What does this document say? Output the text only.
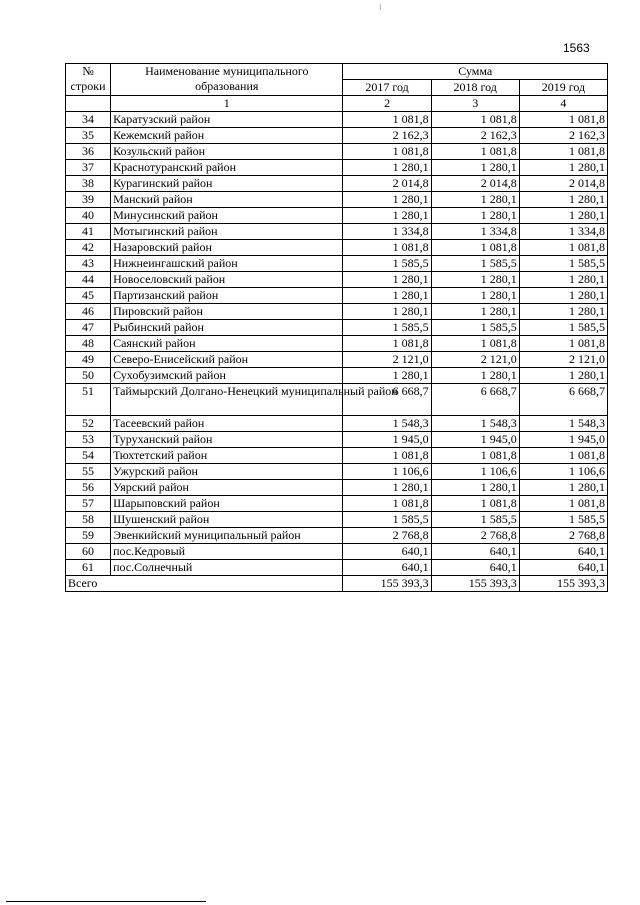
1563
№ строки	Наименование муниципального образования	Сумма		
		2017 год	2018 год	2019 год
	1	2	3	4
34	Каратузский район	1 081,8	1 081,8	1 081,8
35	Кежемский район	2 162,3	2 162,3	2 162,3
36	Козульский район	1 081,8	1 081,8	1 081,8
37	Краснотуранский район	1 280,1	1 280,1	1 280,1
38	Курагинский район	2 014,8	2 014,8	2 014,8
39	Манский район	1 280,1	1 280,1	1 280,1
40	Минусинский район	1 280,1	1 280,1	1 280,1
41	Мотыгинский район	1 334,8	1 334,8	1 334,8
42	Назаровский район	1 081,8	1 081,8	1 081,8
43	Нижнеингашский район	1 585,5	1 585,5	1 585,5
44	Новоселовский район	1 280,1	1 280,1	1 280,1
45	Партизанский район	1 280,1	1 280,1	1 280,1
46	Пировский район	1 280,1	1 280,1	1 280,1
47	Рыбинский район	1 585,5	1 585,5	1 585,5
48	Саянский район	1 081,8	1 081,8	1 081,8
49	Северо-Енисейский район	2 121,0	2 121,0	2 121,0
50	Сухобузимский район	1 280,1	1 280,1	1 280,1
51	Таймырский Долгано-Ненецкий муниципальный район	6 668,7	6 668,7	6 668,7
52	Тасеевский район	1 548,3	1 548,3	1 548,3
53	Туруханский район	1 945,0	1 945,0	1 945,0
54	Тюхтетский район	1 081,8	1 081,8	1 081,8
55	Ужурский район	1 106,6	1 106,6	1 106,6
56	Уярский район	1 280,1	1 280,1	1 280,1
57	Шарыповский район	1 081,8	1 081,8	1 081,8
58	Шушенский район	1 585,5	1 585,5	1 585,5
59	Эвенкийский муниципальный район	2 768,8	2 768,8	2 768,8
60	пос.Кедровый	640,1	640,1	640,1
61	пос.Солнечный	640,1	640,1	640,1
Всего		155 393,3	155 393,3	155 393,3
